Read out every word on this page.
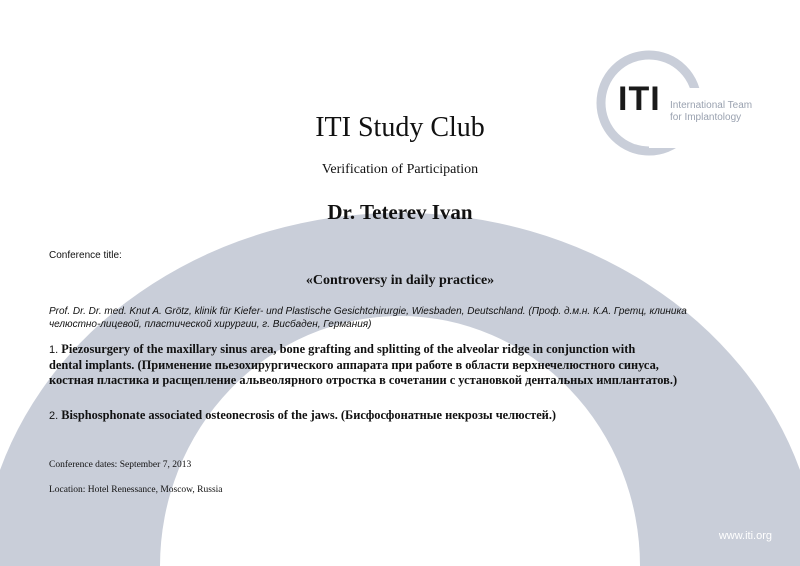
ITI International Team
for Implantology
ITI Study Club
Verification of Participation
Dr. Teterev Ivan
Conference title:
«Controversy in daily practice»
Prof. Dr. Dr. med. Knut A. Grötz, klinik für Kiefer- und Plastische Gesichtchirurgie, Wiesbaden, Deutschland. (Проф. д.м.н. К.А. Гретц, клиника
челюстно-лицевой, пластической хирургии, г. Висбаден, Германия)
1. Piezosurgery of the maxillary sinus area, bone grafting and splitting of the alveolar ridge in conjunction with
dental implants. (Применение пьезохирургического аппарата при работе в области верхнечелюстного синуса,
костная пластика и расщепление альвеолярного отростка в сочетании с установкой дентальных имплантатов.)
2. Bisphosphonate associated osteonecrosis of the jaws. (Бисфосфонатные некрозы челюстей.)
Conference dates: September 7, 2013
Location: Hotel Renessance, Moscow, Russia
www.iti.org
